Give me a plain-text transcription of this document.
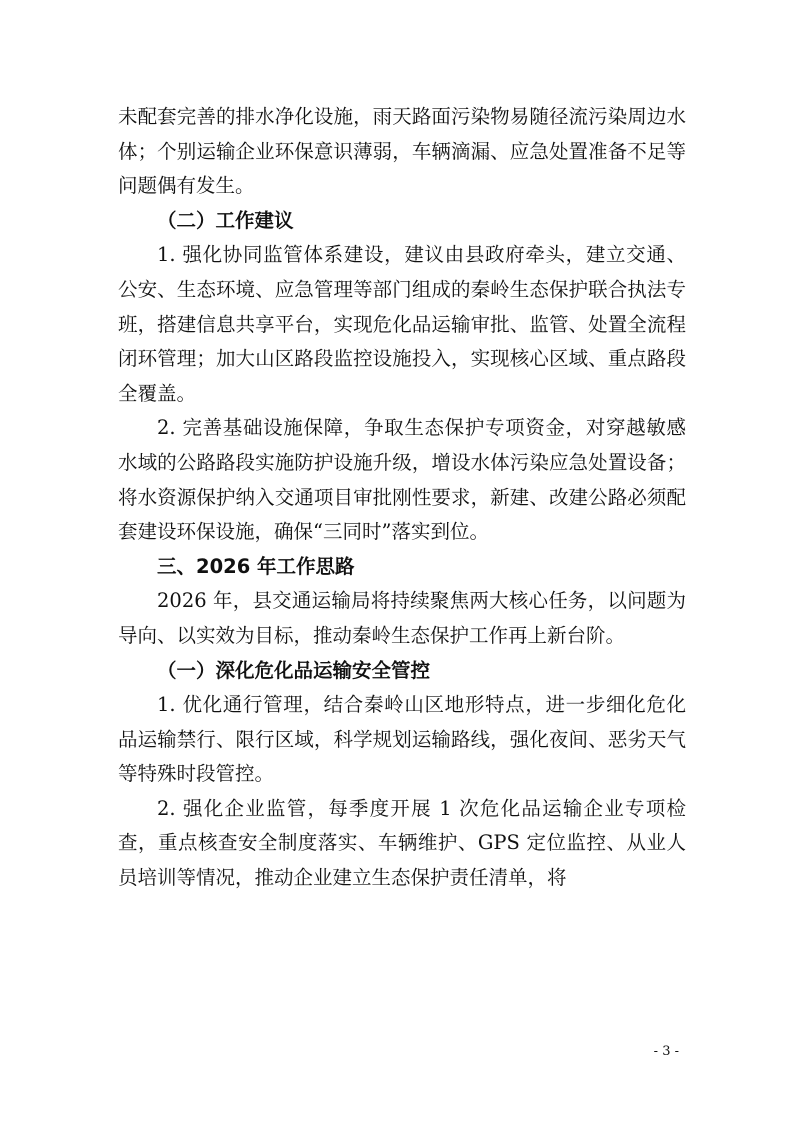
未配套完善的排水净化设施，雨天路面污染物易随径流污染周边水体；个别运输企业环保意识薄弱，车辆滴漏、应急处置准备不足等问题偶有发生。

（二）工作建议

1. 强化协同监管体系建设，建议由县政府牵头，建立交通、公安、生态环境、应急管理等部门组成的秦岭生态保护联合执法专班，搭建信息共享平台，实现危化品运输审批、监管、处置全流程闭环管理；加大山区路段监控设施投入，实现核心区域、重点路段全覆盖。

2. 完善基础设施保障，争取生态保护专项资金，对穿越敏感水域的公路路段实施防护设施升级，增设水体污染应急处置设备；将水资源保护纳入交通项目审批刚性要求，新建、改建公路必须配套建设环保设施，确保“三同时”落实到位。

三、2026 年工作思路

2026 年，县交通运输局将持续聚焦两大核心任务，以问题为导向、以实效为目标，推动秦岭生态保护工作再上新台阶。

（一）深化危化品运输安全管控

1. 优化通行管理，结合秦岭山区地形特点，进一步细化危化品运输禁行、限行区域，科学规划运输路线，强化夜间、恶劣天气等特殊时段管控。

2. 强化企业监管，每季度开展 1 次危化品运输企业专项检查，重点核查安全制度落实、车辆维护、GPS 定位监控、从业人员培训等情况，推动企业建立生态保护责任清单，将

- 3 -
